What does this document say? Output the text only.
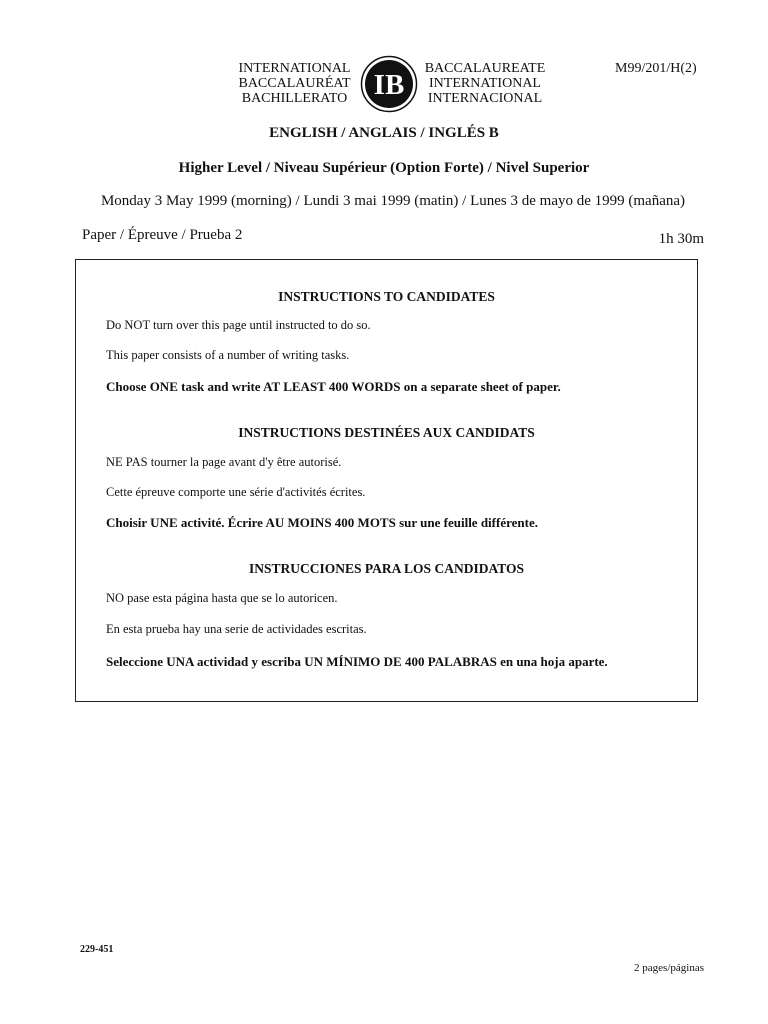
INTERNATIONAL
BACCALAURÉAT
BACHILLERATO IB
BACCALAUREATE
INTERNATIONAL
INTERNACIONAL
M99/201/H(2)
ENGLISH / ANGLAIS / INGLÉS B
Higher Level / Niveau Supérieur (Option Forte) / Nivel Superior
Monday 3 May 1999 (morning) / Lundi 3 mai 1999 (matin) / Lunes 3 de mayo de 1999 (mañana)
Paper / Épreuve / Prueba 2	1h 30m
INSTRUCTIONS TO CANDIDATES
Do NOT turn over this page until instructed to do so.
This paper consists of a number of writing tasks.
Choose ONE task and write AT LEAST 400 WORDS on a separate sheet of paper.
INSTRUCTIONS DESTINÉES AUX CANDIDATS
NE PAS tourner la page avant d'y être autorisé.
Cette épreuve comporte une série d'activités écrites.
Choisir UNE activité. Écrire AU MOINS 400 MOTS sur une feuille différente.
INSTRUCCIONES PARA LOS CANDIDATOS
NO pase esta página hasta que se lo autoricen.
En esta prueba hay una serie de actividades escritas.
Seleccione UNA actividad y escriba UN MÍNIMO DE 400 PALABRAS en una hoja aparte.
229-451
2 pages/páginas
